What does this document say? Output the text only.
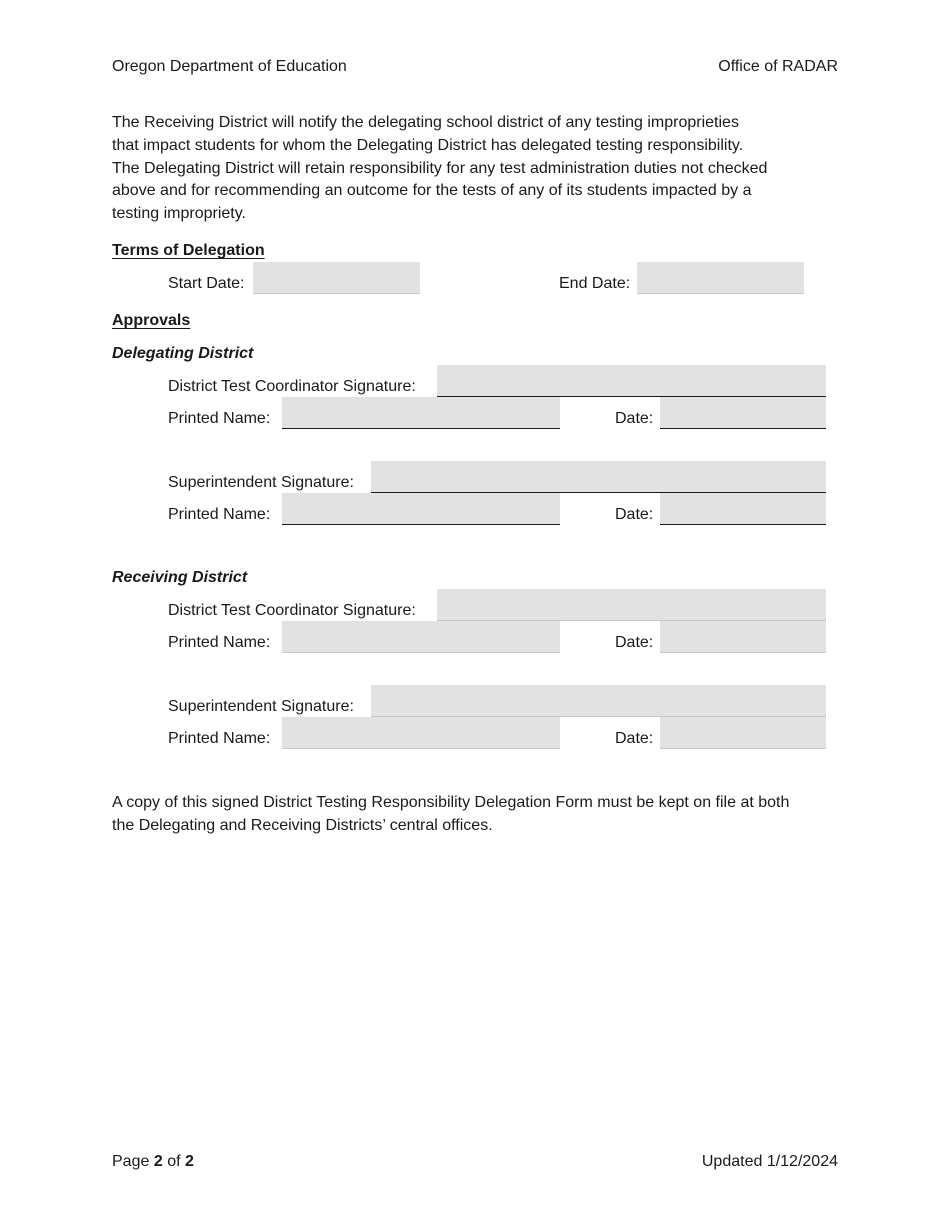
Oregon Department of Education	Office of RADAR
The Receiving District will notify the delegating school district of any testing improprieties
that impact students for whom the Delegating District has delegated testing responsibility.
The Delegating District will retain responsibility for any test administration duties not checked
above and for recommending an outcome for the tests of any of its students impacted by a
testing impropriety.
Terms of Delegation
Start Date:	End Date:
Approvals
Delegating District
District Test Coordinator Signature:
Printed Name:	Date:
Superintendent Signature:
Printed Name:	Date:
Receiving District
District Test Coordinator Signature:
Printed Name:	Date:
Superintendent Signature:
Printed Name:	Date:
A copy of this signed District Testing Responsibility Delegation Form must be kept on file at both
the Delegating and Receiving Districts’ central offices.
Page 2 of 2	Updated 1/12/2024
